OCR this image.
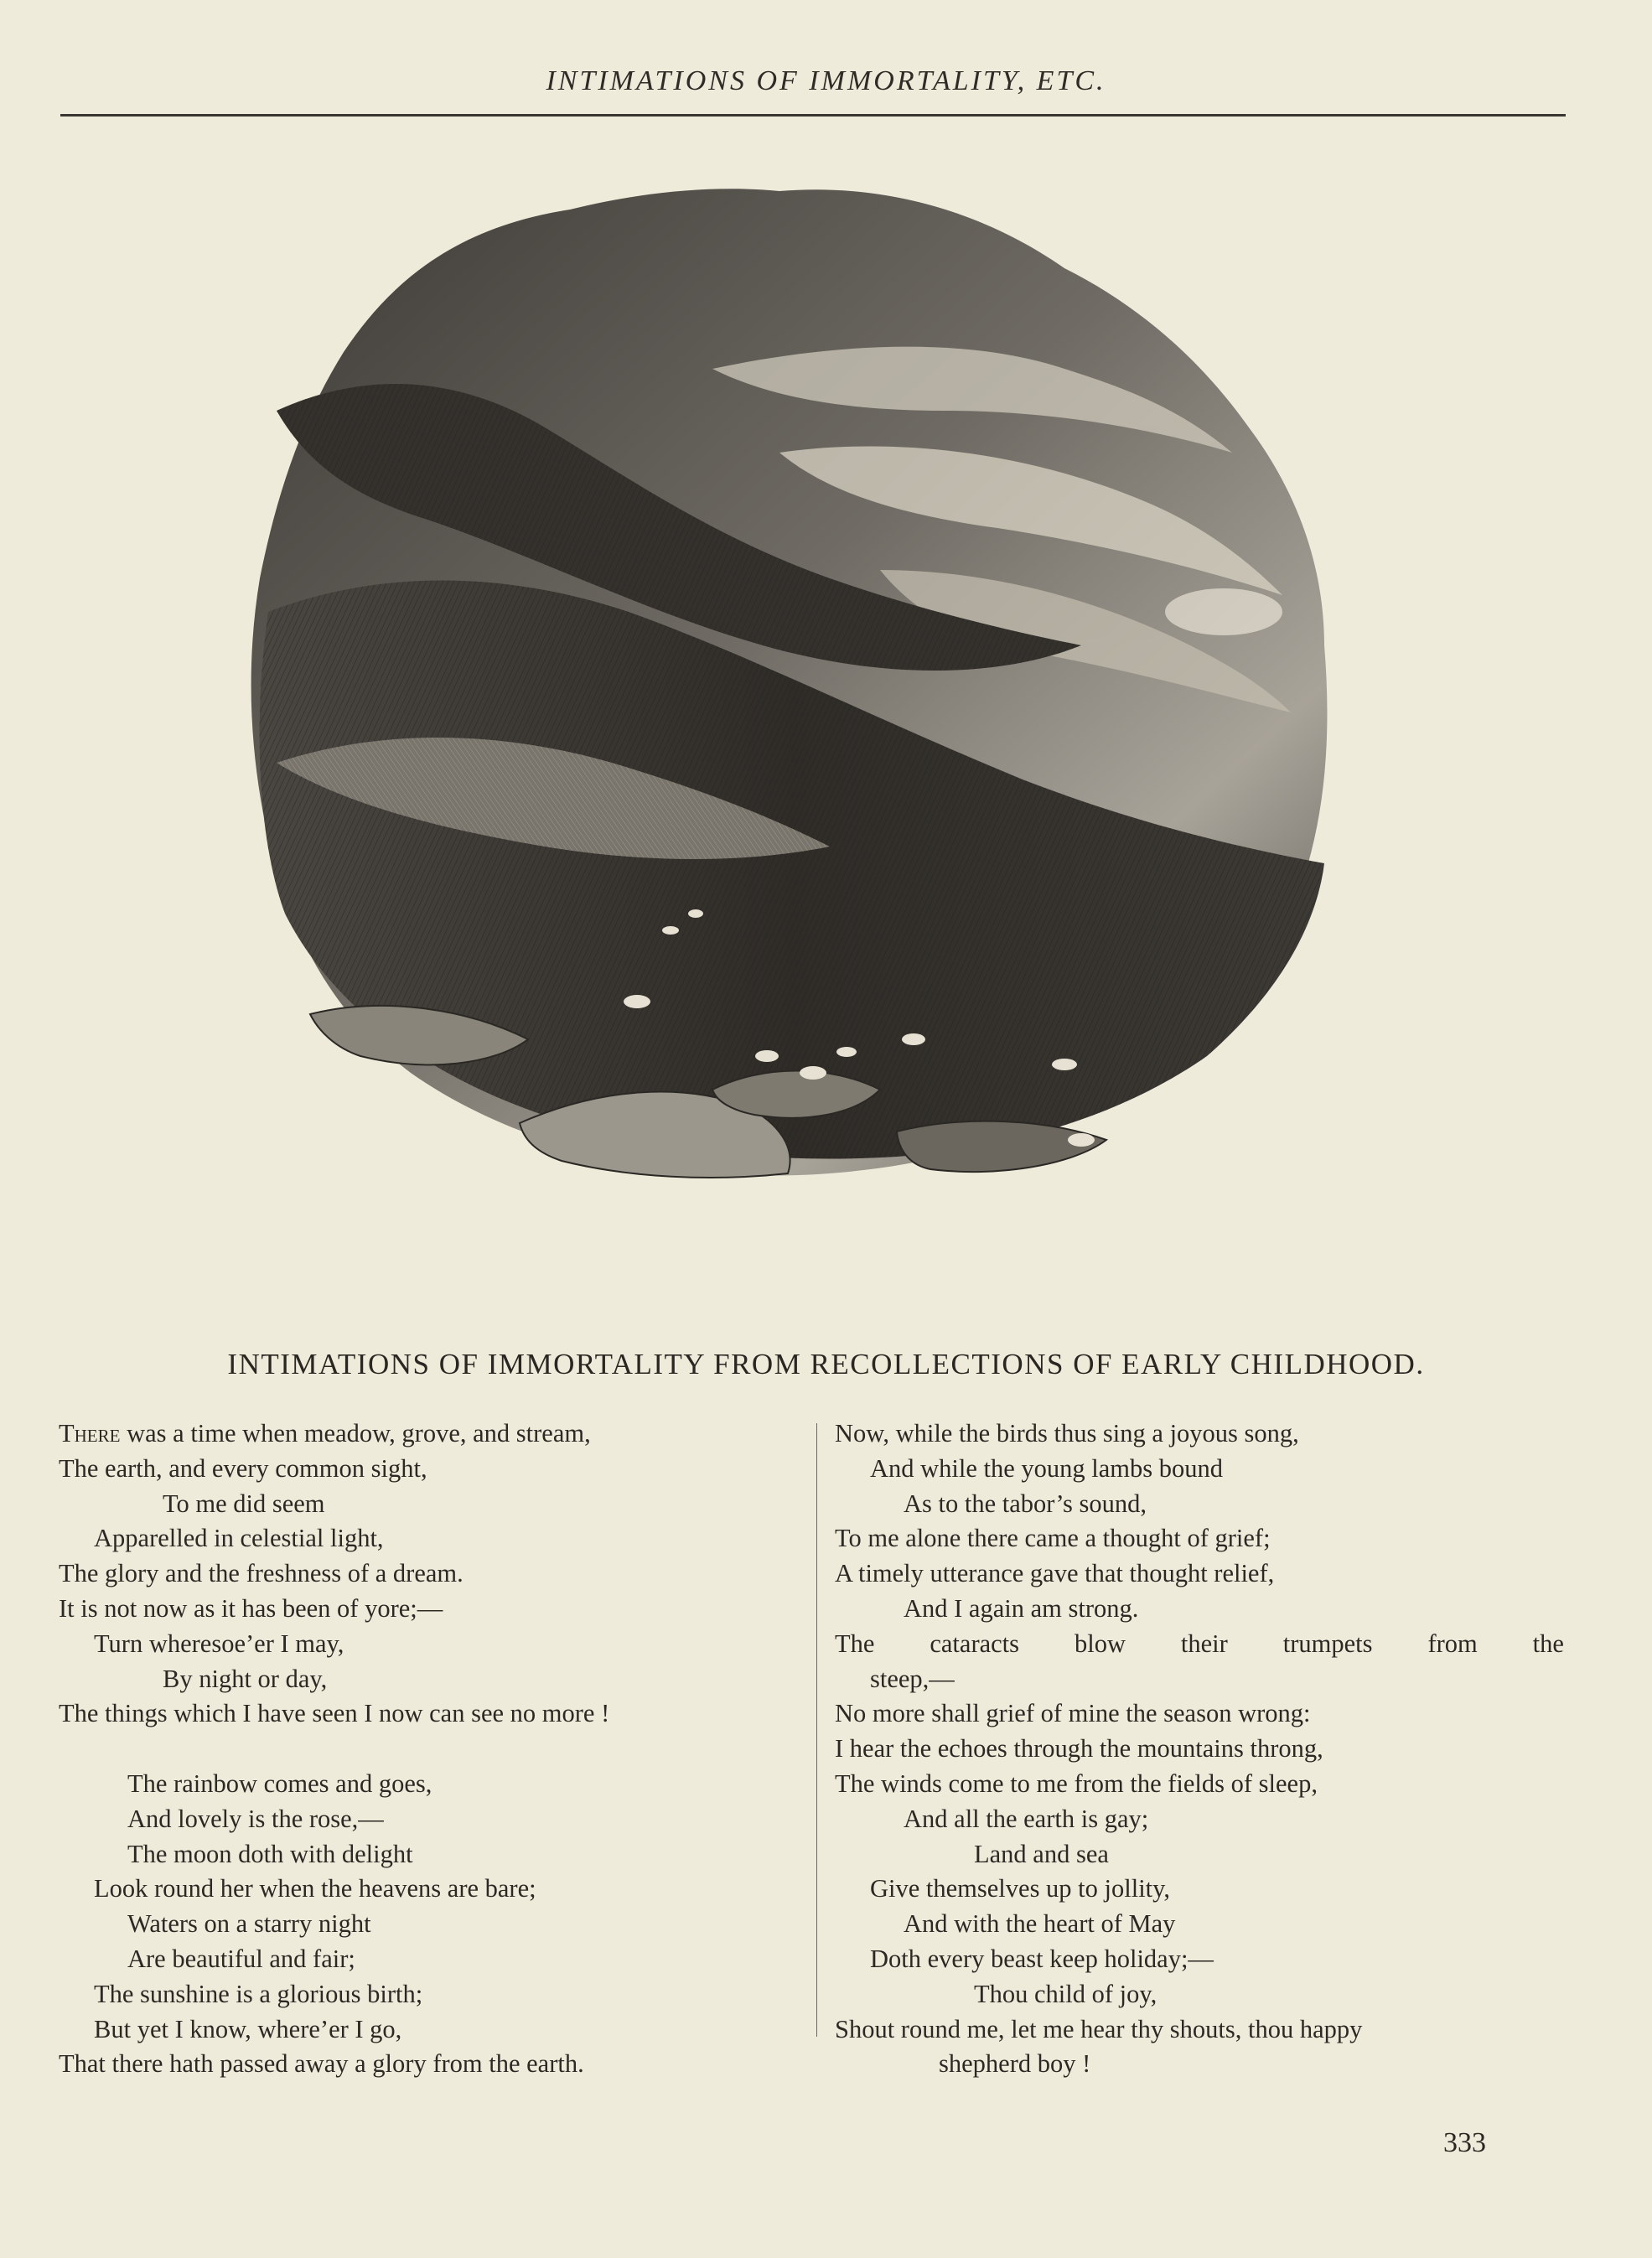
INTIMATIONS OF IMMORTALITY, ETC.
INTIMATIONS OF IMMORTALITY FROM RECOLLECTIONS OF EARLY CHILDHOOD.
There was a time when meadow, grove, and stream,
The earth, and every common sight,
To me did seem
Apparelled in celestial light,
The glory and the freshness of a dream.
It is not now as it has been of yore;—
Turn wheresoe’er I may,
By night or day,
The things which I have seen I now can see no more !
The rainbow comes and goes,
And lovely is the rose,—
The moon doth with delight
Look round her when the heavens are bare;
Waters on a starry night
Are beautiful and fair;
The sunshine is a glorious birth;
But yet I know, where’er I go,
That there hath passed away a glory from the earth.
Now, while the birds thus sing a joyous song,
And while the young lambs bound
As to the tabor’s sound,
To me alone there came a thought of grief;
A timely utterance gave that thought relief,
And I again am strong.
The cataracts blow their trumpets from the
steep,—
No more shall grief of mine the season wrong:
I hear the echoes through the mountains throng,
The winds come to me from the fields of sleep,
And all the earth is gay;
Land and sea
Give themselves up to jollity,
And with the heart of May
Doth every beast keep holiday;—
Thou child of joy,
Shout round me, let me hear thy shouts, thou happy
shepherd boy !
333
